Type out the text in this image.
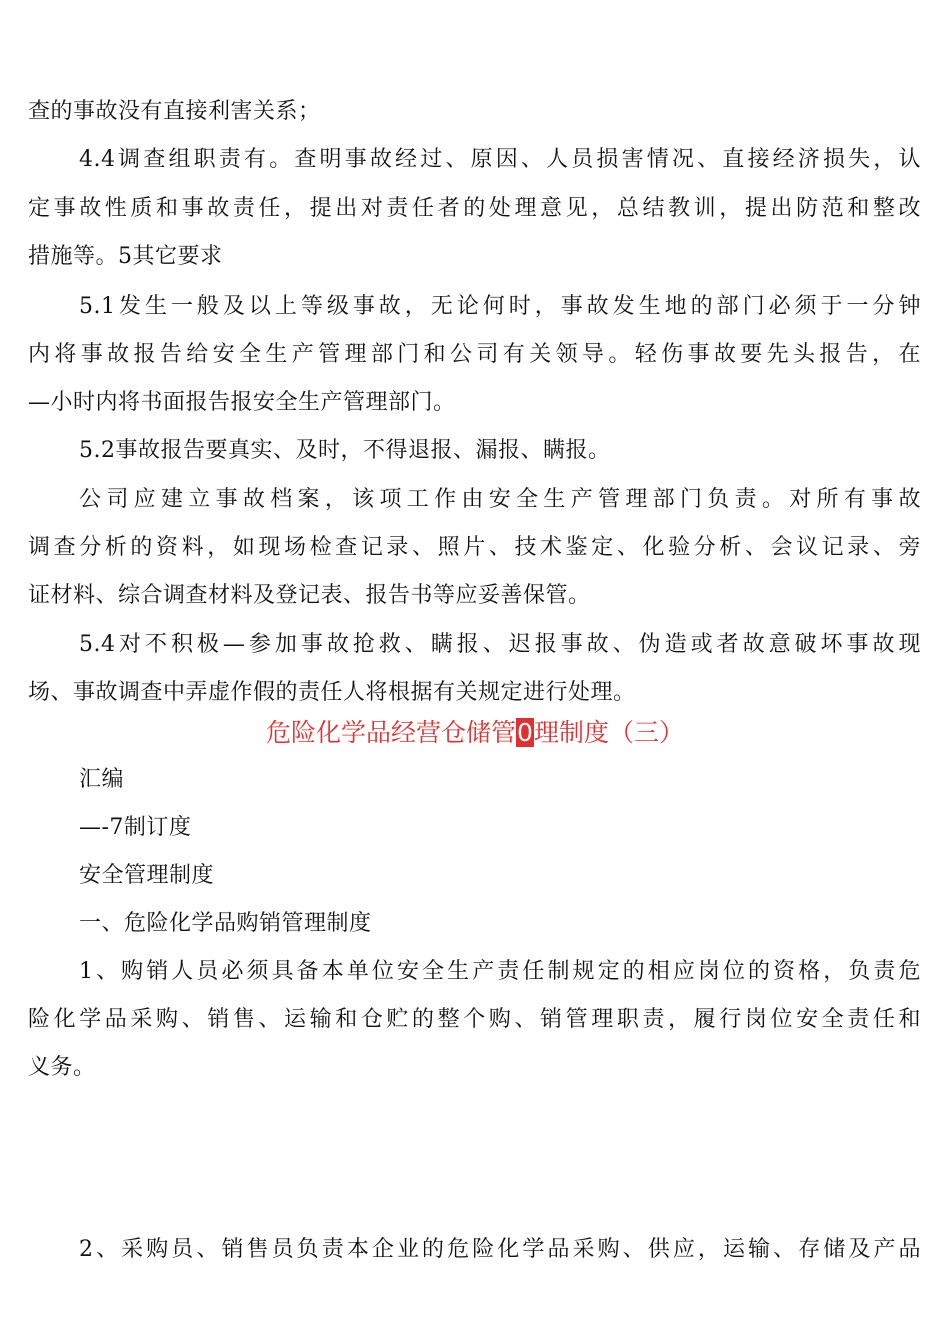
查的事故没有直接利害关系；
4.4调查组职责有。查明事故经过、原因、人员损害情况、直接经济损失，认
定事故性质和事故责任，提出对责任者的处理意见，总结教训，提出防范和整改
措施等。5其它要求
5.1发生一般及以上等级事故，无论何时，事故发生地的部门必须于一分钟
内将事故报告给安全生产管理部门和公司有关领导。轻伤事故要先头报告，在
—小时内将书面报告报安全生产管理部门。
5.2事故报告要真实、及时，不得退报、漏报、瞒报。
公司应建立事故档案，该项工作由安全生产管理部门负责。对所有事故
调查分析的资料，如现场检查记录、照片、技术鉴定、化验分析、会议记录、旁
证材料、综合调查材料及登记表、报告书等应妥善保管。
5.4对不积极—参加事故抢救、瞒报、迟报事故、伪造或者故意破坏事故现
场、事故调查中弄虚作假的责任人将根据有关规定进行处理。
危险化学品经营仓储管0理制度（三）
汇编
—-7制订度
安全管理制度
一、危险化学品购销管理制度
1、购销人员必须具备本单位安全生产责任制规定的相应岗位的资格，负责危
险化学品采购、销售、运输和仓贮的整个购、销管理职责，履行岗位安全责任和
义务。
2、采购员、销售员负责本企业的危险化学品采购、供应，运输、存储及产品
